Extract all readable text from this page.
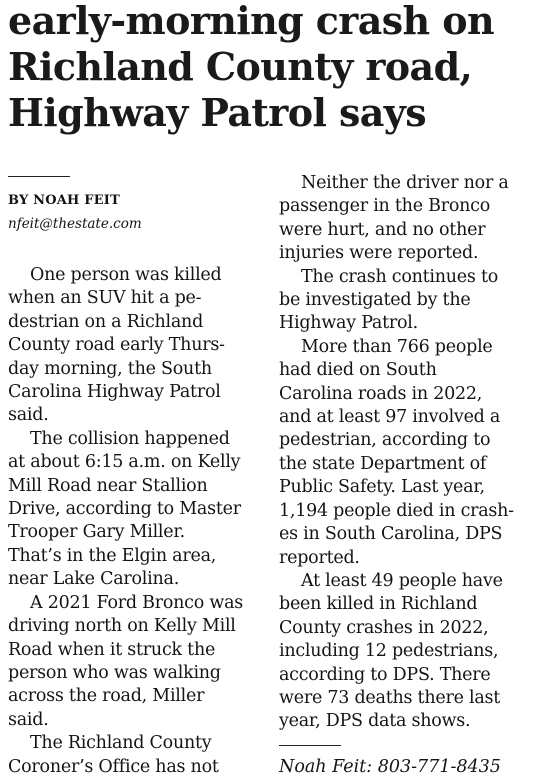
early-morning crash on
Richland County road,
Highway Patrol says
BY NOAH FEIT
nfeit@thestate.com
One person was killed
when an SUV hit a pe-
destrian on a Richland
County road early Thurs-
day morning, the South
Carolina Highway Patrol
said.
The collision happened
at about 6:15 a.m. on Kelly
Mill Road near Stallion
Drive, according to Master
Trooper Gary Miller.
That’s in the Elgin area,
near Lake Carolina.
A 2021 Ford Bronco was
driving north on Kelly Mill
Road when it struck the
person who was walking
across the road, Miller
said.
The Richland County
Coroner’s Office has not
Neither the driver nor a
passenger in the Bronco
were hurt, and no other
injuries were reported.
The crash continues to
be investigated by the
Highway Patrol.
More than 766 people
had died on South
Carolina roads in 2022,
and at least 97 involved a
pedestrian, according to
the state Department of
Public Safety. Last year,
1,194 people died in crash-
es in South Carolina, DPS
reported.
At least 49 people have
been killed in Richland
County crashes in 2022,
including 12 pedestrians,
according to DPS. There
were 73 deaths there last
year, DPS data shows.
Noah Feit: 803-771-8435
